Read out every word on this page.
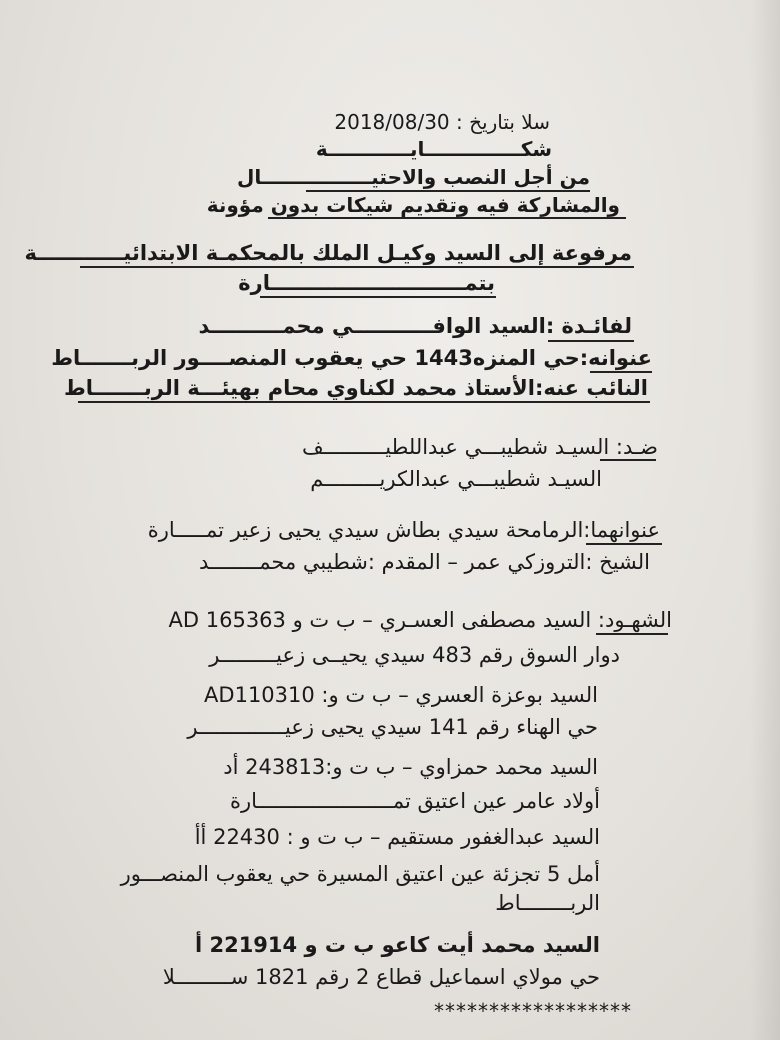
سلا بتاريخ : 2018/08/30
شكــــــــــــــايــــــــــــة
من أجل النصب والاحتيــــــــــــــــال
والمشاركة فيه وتقديم شيكات بدون مؤونة
مرفوعة إلى السيد وكيـل الملك بالمحكمـة الابتدائيــــــــــــة
بتمـــــــــــــــــــــــــــارة
لفائـدة :السيد الوافـــــــــــي محمــــــــــد
عنوانه:حي المنزه1443 حي يعقوب المنصــــور الربـــــــاط
النائب عنه:الأستاذ محمد لكناوي محام بهيئـــة الربـــــــاط
ضـد: السيـد شطيبـــي عبداللطيــــــــــف
السيـد شطيبـــي عبدالكريـــــــــم
عنوانهما:الرمامحة سيدي بطاش سيدي يحيى زعير تمـــــارة
الشيخ :التروزكي عمر – المقدم :شطيبي محمــــــــد
الشهـود: السيد مصطفى العسـري – ب ت و AD 165363
دوار السوق رقم 483 سيدي يحيــى زعيـــــــــر
السيد بوعزة العسري – ب ت و: AD110310
حي الهناء رقم 141 سيدي يحيى زعيــــــــــــــر
السيد محمد حمزاوي – ب ت و:243813 أد
أولاد عامر عين اعتيق تمــــــــــــــــــــــارة
السيد عبدالغفور مستقيم – ب ت و : 22430 أأ
أمل 5 تجزئة عين اعتيق المسيرة حي يعقوب المنصـــور
الربــــــــاط
السيد محمد أيت كاعو ب ت و 221914 أ
حي مولاي اسماعيل قطاع 2 رقم 1821 ســـــــــلا
******************
